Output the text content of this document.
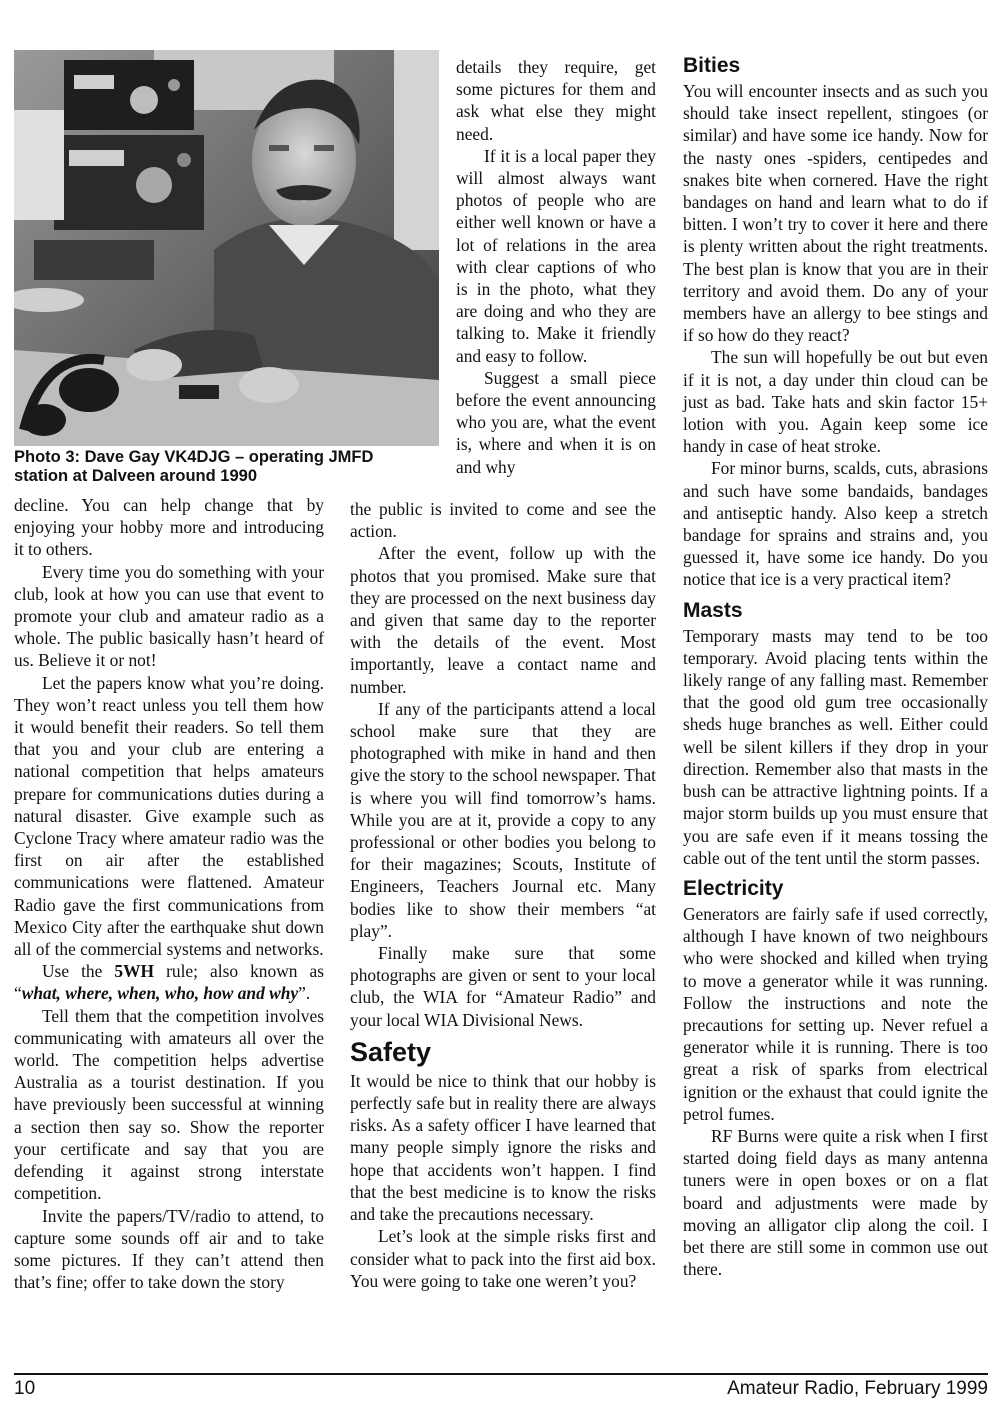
Photo 3: Dave Gay VK4DJG – operating JMFD
station at Dalveen around 1990

decline. You can help change that by enjoying your hobby more and introducing it to others.

Every time you do something with your club, look at how you can use that event to promote your club and amateur radio as a whole. The public basically hasn’t heard of us. Believe it or not!

Let the papers know what you’re doing. They won’t react unless you tell them how it would benefit their readers. So tell them that you and your club are entering a national competition that helps amateurs prepare for communications duties during a natural disaster. Give example such as Cyclone Tracy where amateur radio was the first on air after the established communications were flattened. Amateur Radio gave the first communications from Mexico City after the earthquake shut down all of the commercial systems and networks.

Use the 5WH rule; also known as “what, where, when, who, how and why”.

Tell them that the competition involves communicating with amateurs all over the world. The competition helps advertise Australia as a tourist destination. If you have previously been successful at winning a section then say so. Show the reporter your certificate and say that you are defending it against strong interstate competition.

Invite the papers/TV/radio to attend, to capture some sounds off air and to take some pictures. If they can’t attend then that’s fine; offer to take down the story

details they require, get some pictures for them and ask what else they might need.

If it is a local paper they will almost always want photos of people who are either well known or have a lot of relations in the area with clear captions of who is in the photo, what they are doing and who they are talking to. Make it friendly and easy to follow.

Suggest a small piece before the event announcing who you are, what the event is, where and when it is on and why

the public is invited to come and see the action.

After the event, follow up with the photos that you promised. Make sure that they are processed on the next business day and given that same day to the reporter with the details of the event. Most importantly, leave a contact name and number.

If any of the participants attend a local school make sure that they are photographed with mike in hand and then give the story to the school newspaper. That is where you will find tomorrow’s hams. While you are at it, provide a copy to any professional or other bodies you belong to for their magazines; Scouts, Institute of Engineers, Teachers Journal etc. Many bodies like to show their members “at play”.

Finally make sure that some photographs are given or sent to your local club, the WIA for “Amateur Radio” and your local WIA Divisional News.

Safety

It would be nice to think that our hobby is perfectly safe but in reality there are always risks. As a safety officer I have learned that many people simply ignore the risks and hope that accidents won’t happen. I find that the best medicine is to know the risks and take the precautions necessary.

Let’s look at the simple risks first and consider what to pack into the first aid box. You were going to take one weren’t you?

Bities

You will encounter insects and as such you should take insect repellent, stingoes (or similar) and have some ice handy. Now for the nasty ones -spiders, centipedes and snakes bite when cornered. Have the right bandages on hand and learn what to do if bitten. I won’t try to cover it here and there is plenty written about the right treatments. The best plan is know that you are in their territory and avoid them. Do any of your members have an allergy to bee stings and if so how do they react?

The sun will hopefully be out but even if it is not, a day under thin cloud can be just as bad. Take hats and skin factor 15+ lotion with you. Again keep some ice handy in case of heat stroke.

For minor burns, scalds, cuts, abrasions and such have some bandaids, bandages and antiseptic handy. Also keep a stretch bandage for sprains and strains and, you guessed it, have some ice handy. Do you notice that ice is a very practical item?

Masts

Temporary masts may tend to be too temporary. Avoid placing tents within the likely range of any falling mast. Remember that the good old gum tree occasionally sheds huge branches as well. Either could well be silent killers if they drop in your direction. Remember also that masts in the bush can be attractive lightning points. If a major storm builds up you must ensure that you are safe even if it means tossing the cable out of the tent until the storm passes.

Electricity

Generators are fairly safe if used correctly, although I have known of two neighbours who were shocked and killed when trying to move a generator while it was running. Follow the instructions and note the precautions for setting up. Never refuel a generator while it is running. There is too great a risk of sparks from electrical ignition or the exhaust that could ignite the petrol fumes.

RF Burns were quite a risk when I first started doing field days as many antenna tuners were in open boxes or on a flat board and adjustments were made by moving an alligator clip along the coil. I bet there are still some in common use out there.

10	Amateur Radio, February 1999
